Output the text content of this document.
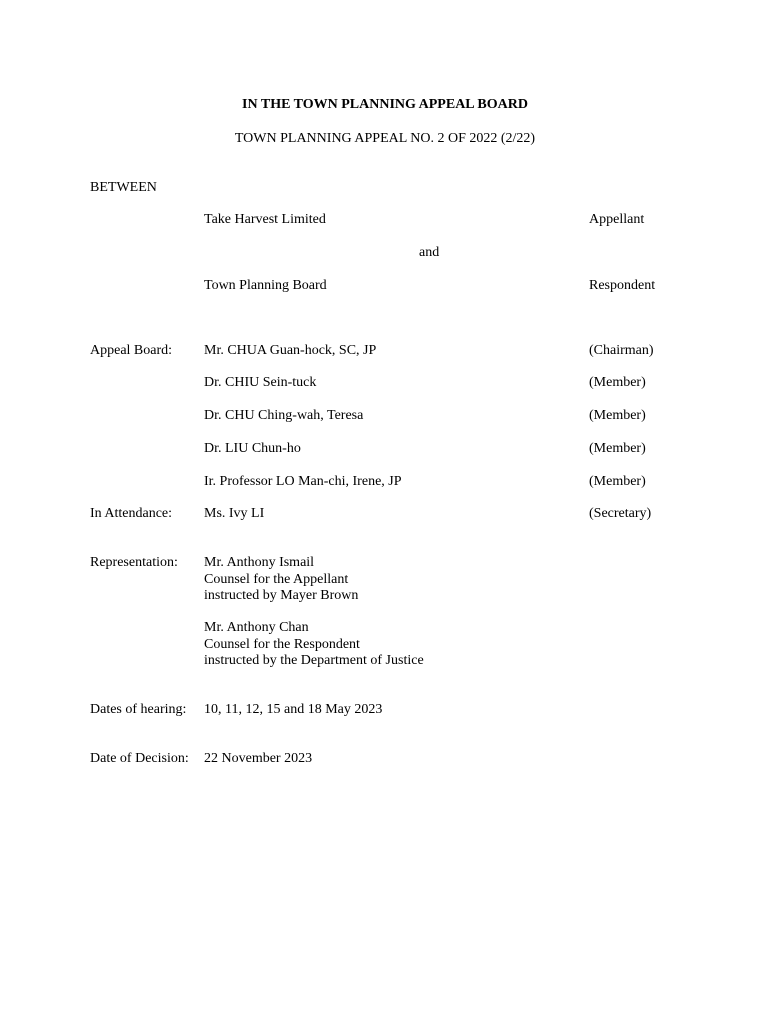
IN THE TOWN PLANNING APPEAL BOARD
TOWN PLANNING APPEAL NO. 2 OF 2022 (2/22)
BETWEEN
Take Harvest Limited	Appellant
and
Town Planning Board	Respondent
Appeal Board: Mr. CHUA Guan-hock, SC, JP	(Chairman)
Dr. CHIU Sein-tuck	(Member)
Dr. CHU Ching-wah, Teresa	(Member)
Dr. LIU Chun-ho	(Member)
Ir. Professor LO Man-chi, Irene, JP	(Member)
In Attendance: Ms. Ivy LI	(Secretary)
Representation: Mr. Anthony Ismail
Counsel for the Appellant
instructed by Mayer Brown
Mr. Anthony Chan
Counsel for the Respondent
instructed by the Department of Justice
Dates of hearing: 10, 11, 12, 15 and 18 May 2023
Date of Decision: 22 November 2023
